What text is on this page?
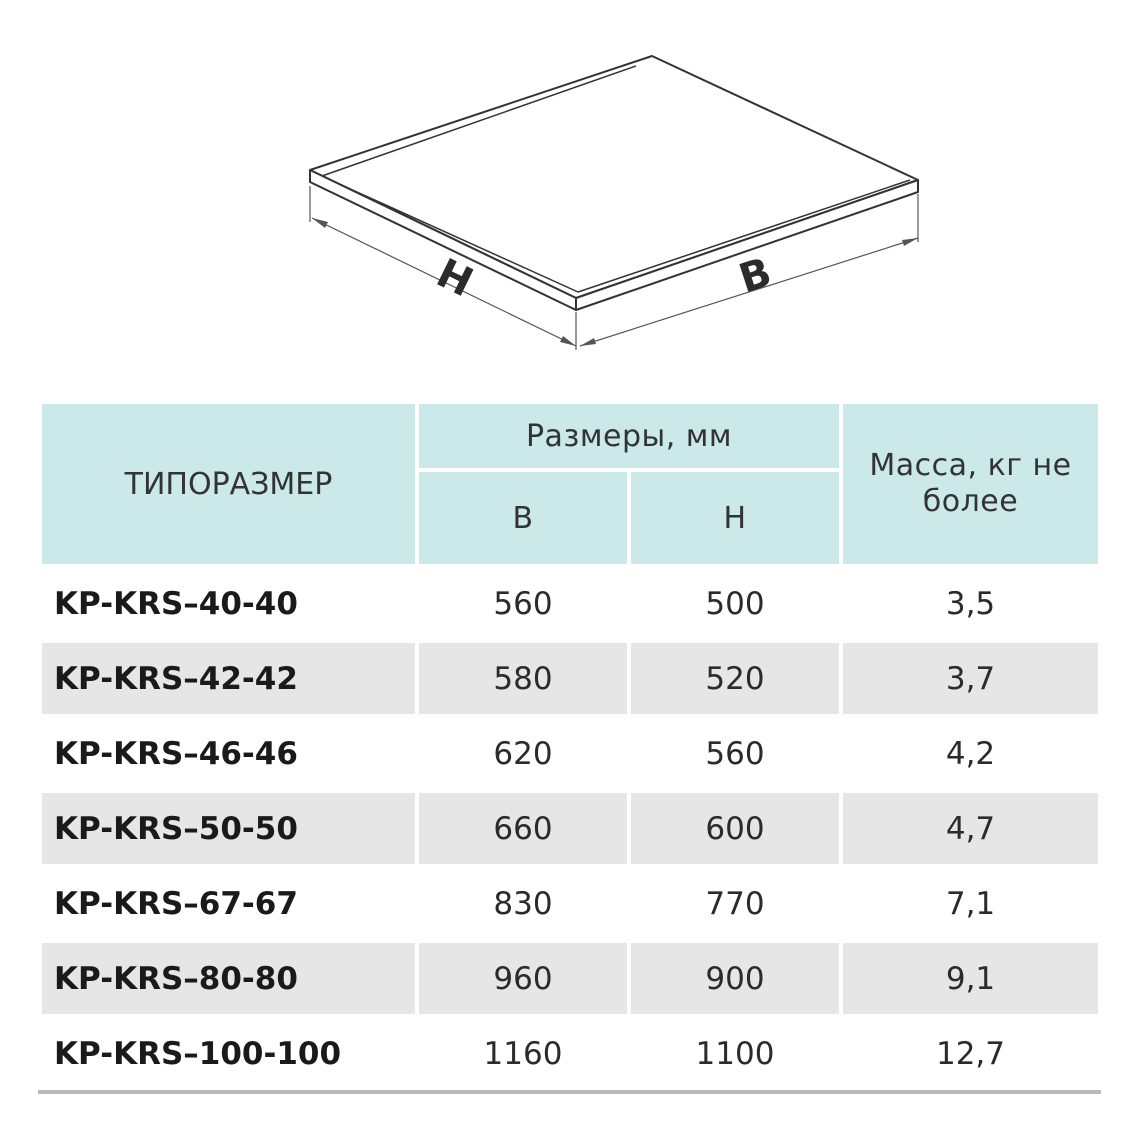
H	B
ТИПОРАЗМЕР	Размеры, мм		Масса, кг не
более
	B	H	
KP-KRS–40-40	560	500	3,5
KP-KRS–42-42	580	520	3,7
KP-KRS–46-46	620	560	4,2
KP-KRS–50-50	660	600	4,7
KP-KRS–67-67	830	770	7,1
KP-KRS–80-80	960	900	9,1
KP-KRS–100-100	1160	1100	12,7
